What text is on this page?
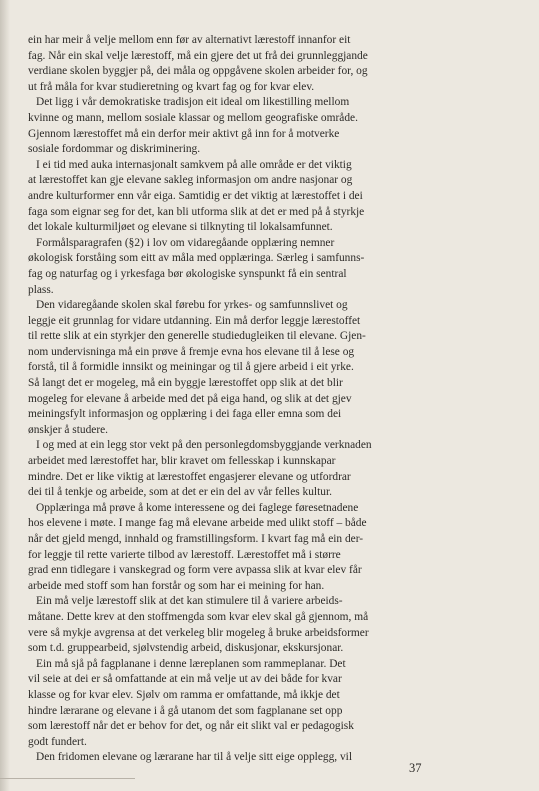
ein har meir å velje mellom enn før av alternativt lærestoff innanfor eit
fag. Når ein skal velje lærestoff, må ein gjere det ut frå dei grunnleggjande
verdiane skolen byggjer på, dei måla og oppgåvene skolen arbeider for, og
ut frå måla for kvar studieretning og kvart fag og for kvar elev.
Det ligg i vår demokratiske tradisjon eit ideal om likestilling mellom
kvinne og mann, mellom sosiale klassar og mellom geografiske område.
Gjennom lærestoffet må ein derfor meir aktivt gå inn for å motverke
sosiale fordommar og diskriminering.
I ei tid med auka internasjonalt samkvem på alle område er det viktig
at lærestoffet kan gje elevane sakleg informasjon om andre nasjonar og
andre kulturformer enn vår eiga. Samtidig er det viktig at lærestoffet i dei
faga som eignar seg for det, kan bli utforma slik at det er med på å styrkje
det lokale kulturmiljøet og elevane si tilknyting til lokalsamfunnet.
Formålsparagrafen (§2) i lov om vidaregåande opplæring nemner
økologisk forståing som eitt av måla med opplæringa. Særleg i samfunns-
fag og naturfag og i yrkesfaga bør økologiske synspunkt få ein sentral
plass.
Den vidaregåande skolen skal førebu for yrkes- og samfunnslivet og
leggje eit grunnlag for vidare utdanning. Ein må derfor leggje lærestoffet
til rette slik at ein styrkjer den generelle studiedugleiken til elevane. Gjen-
nom undervisninga må ein prøve å fremje evna hos elevane til å lese og
forstå, til å formidle innsikt og meiningar og til å gjere arbeid i eit yrke.
Så langt det er mogeleg, må ein byggje lærestoffet opp slik at det blir
mogeleg for elevane å arbeide med det på eiga hand, og slik at det gjev
meiningsfylt informasjon og opplæring i dei faga eller emna som dei
ønskjer å studere.
I og med at ein legg stor vekt på den personlegdomsbyggjande verknaden
arbeidet med lærestoffet har, blir kravet om fellesskap i kunnskapar
mindre. Det er like viktig at lærestoffet engasjerer elevane og utfordrar
dei til å tenkje og arbeide, som at det er ein del av vår felles kultur.
Opplæringa må prøve å kome interessene og dei faglege føresetnadene
hos elevene i møte. I mange fag må elevane arbeide med ulikt stoff – både
når det gjeld mengd, innhald og framstillingsform. I kvart fag må ein der-
for leggje til rette varierte tilbod av lærestoff. Lærestoffet må i større
grad enn tidlegare i vanskegrad og form vere avpassa slik at kvar elev får
arbeide med stoff som han forstår og som har ei meining for han.
Ein må velje lærestoff slik at det kan stimulere til å variere arbeids-
måtane. Dette krev at den stoffmengda som kvar elev skal gå gjennom, må
vere så mykje avgrensa at det verkeleg blir mogeleg å bruke arbeidsformer
som t.d. gruppearbeid, sjølvstendig arbeid, diskusjonar, ekskursjonar.
Ein må sjå på fagplanane i denne læreplanen som rammeplanar. Det
vil seie at dei er så omfattande at ein må velje ut av dei både for kvar
klasse og for kvar elev. Sjølv om ramma er omfattande, må ikkje det
hindre lærarane og elevane i å gå utanom det som fagplanane set opp
som lærestoff når det er behov for det, og når eit slikt val er pedagogisk
godt fundert.
Den fridomen elevane og lærarane har til å velje sitt eige opplegg, vil
37
